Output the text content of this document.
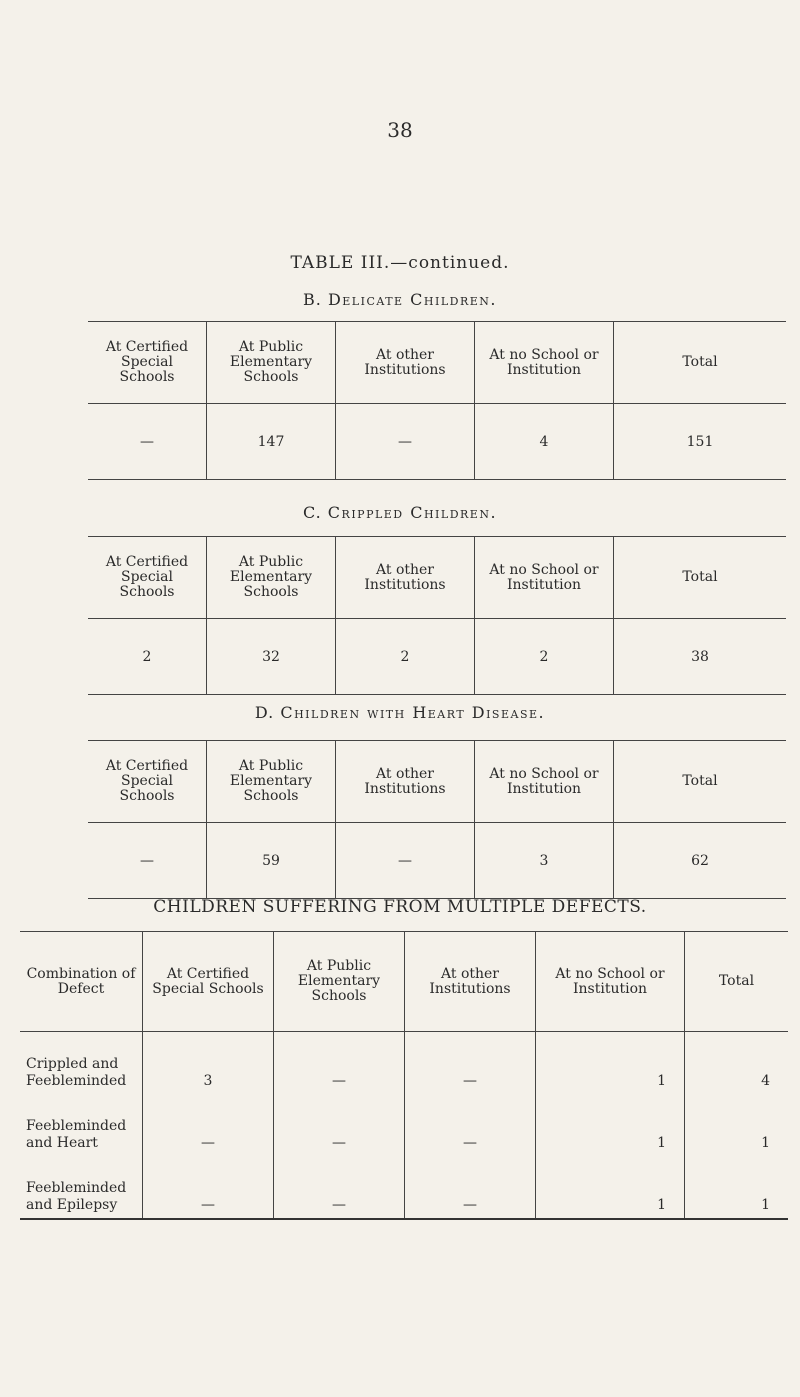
38
TABLE III.—continued.
B. Delicate Children.
At Certified Special Schools	At Public Elementary Schools	At other Institutions	At no School or Institution	Total
—	147	—	4	151
C. Crippled Children.
At Certified Special Schools	At Public Elementary Schools	At other Institutions	At no School or Institution	Total
2	32	2	2	38
D. Children with Heart Disease.
At Certified Special Schools	At Public Elementary Schools	At other Institutions	At no School or Institution	Total
—	59	—	3	62
CHILDREN SUFFERING FROM MULTIPLE DEFECTS.
Combination of Defect	At Certified Special Schools	At Public Elementary Schools	At other Institutions	At no School or Institution	Total
Crippled and Feebleminded	3	—	—	1	4
Feebleminded and Heart	—	—	—	1	1
Feebleminded and Epilepsy	—	—	—	1	1
